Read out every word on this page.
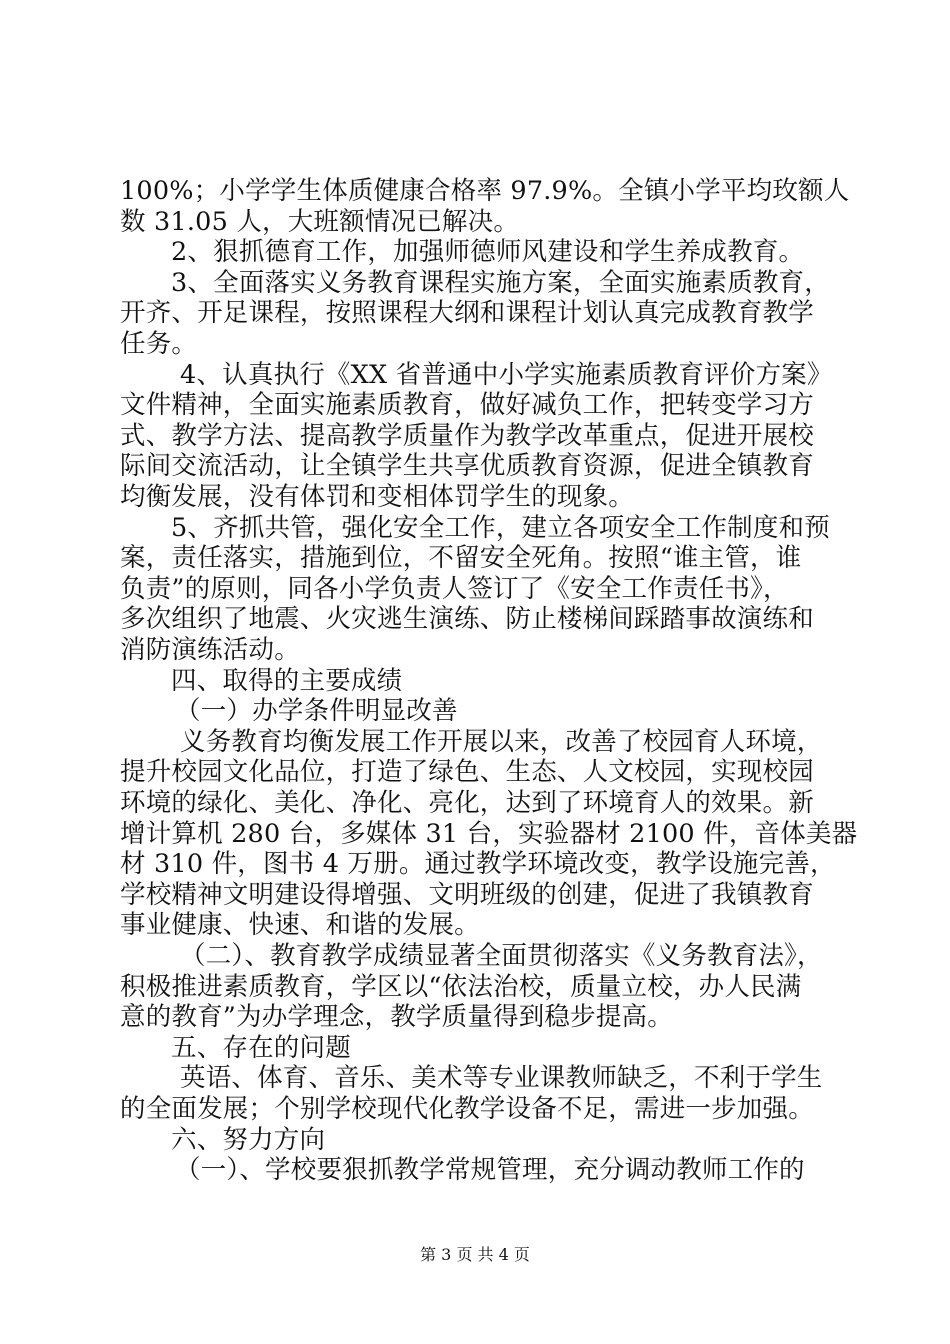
100%；小学学生体质健康合格率 97.9%。全镇小学平均玫额人
数 31.05 人，大班额情况已解决。
2、狠抓德育工作，加强师德师风建设和学生养成教育。
3、全面落实义务教育课程实施方案，全面实施素质教育，
开齐、开足课程，按照课程大纲和课程计划认真完成教育教学
任务。
4、认真执行《XX 省普通中小学实施素质教育评价方案》
文件精神，全面实施素质教育，做好减负工作，把转变学习方
式、教学方法、提高教学质量作为教学改革重点，促进开展校
际间交流活动，让全镇学生共享优质教育资源，促进全镇教育
均衡发展，没有体罚和变相体罚学生的现象。
5、齐抓共管，强化安全工作，建立各项安全工作制度和预
案，责任落实，措施到位，不留安全死角。按照“谁主管，谁
负责”的原则，同各小学负责人签订了《安全工作责任书》，
多次组织了地震、火灾逃生演练、防止楼梯间踩踏事故演练和
消防演练活动。
四、取得的主要成绩
（一）办学条件明显改善
义务教育均衡发展工作开展以来，改善了校园育人环境，
提升校园文化品位，打造了绿色、生态、人文校园，实现校园
环境的绿化、美化、净化、亮化，达到了环境育人的效果。新
增计算机 280 台，多媒体 31 台，实验器材 2100 件，音体美器
材 310 件，图书 4 万册。通过教学环境改变，教学设施完善，
学校精神文明建设得增强、文明班级的创建，促进了我镇教育
事业健康、快速、和谐的发展。
（二）、教育教学成绩显著全面贯彻落实《义务教育法》，
积极推进素质教育，学区以“依法治校，质量立校，办人民满
意的教育”为办学理念，教学质量得到稳步提高。
五、存在的问题
英语、体育、音乐、美术等专业课教师缺乏，不利于学生
的全面发展；个别学校现代化教学设备不足，需进一步加强。
六、努力方向
（一）、学校要狠抓教学常规管理，充分调动教师工作的
第 3 页 共 4 页
